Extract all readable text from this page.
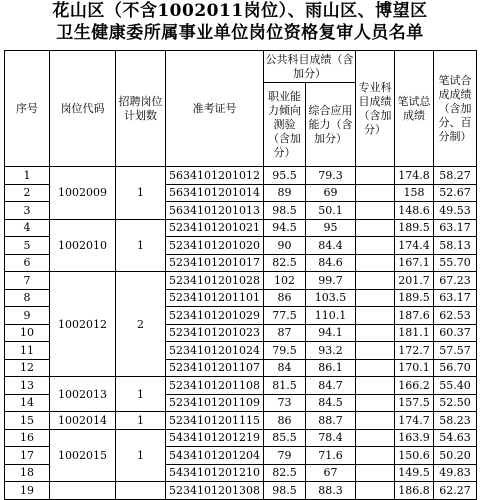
花山区（不含1002011岗位）、雨山区、博望区
卫生健康委所属事业单位岗位资格复审人员名单
序号	岗位代码	招聘岗位计划数	准考证号	公共科目成绩（含加分）		专业科目成绩（含加分）	笔试总成绩	笔试合成成绩（含加分、百分制）
				职业能力倾向测验（含加分）	综合应用能力（含加分）			
1	1002009	1	5634101201012	95.5	79.3		174.8	58.27
2			5634101201014	89	69		158	52.67
3			5634101201013	98.5	50.1		148.6	49.53
4	1002010	1	5234101201021	94.5	95		189.5	63.17
5			5234101201020	90	84.4		174.4	58.13
6			5234101201017	82.5	84.6		167.1	55.70
7	1002012	2	5234101201028	102	99.7		201.7	67.23
8			5234101201101	86	103.5		189.5	63.17
9			5234101201029	77.5	110.1		187.6	62.53
10			5234101201023	87	94.1		181.1	60.37
11			5234101201024	79.5	93.2		172.7	57.57
12			5234101201107	84	86.1		170.1	56.70
13	1002013	1	5234101201108	81.5	84.7		166.2	55.40
14			5234101201109	73	84.5		157.5	52.50
15	1002014	1	5234101201115	86	88.7		174.7	58.23
16	1002015	1	5434101201219	85.5	78.4		163.9	54.63
17			5434101201204	79	71.6		150.6	50.20
18			5434101201210	82.5	67		149.5	49.83
19			5234101201308	98.5	88.3		186.8	62.27
